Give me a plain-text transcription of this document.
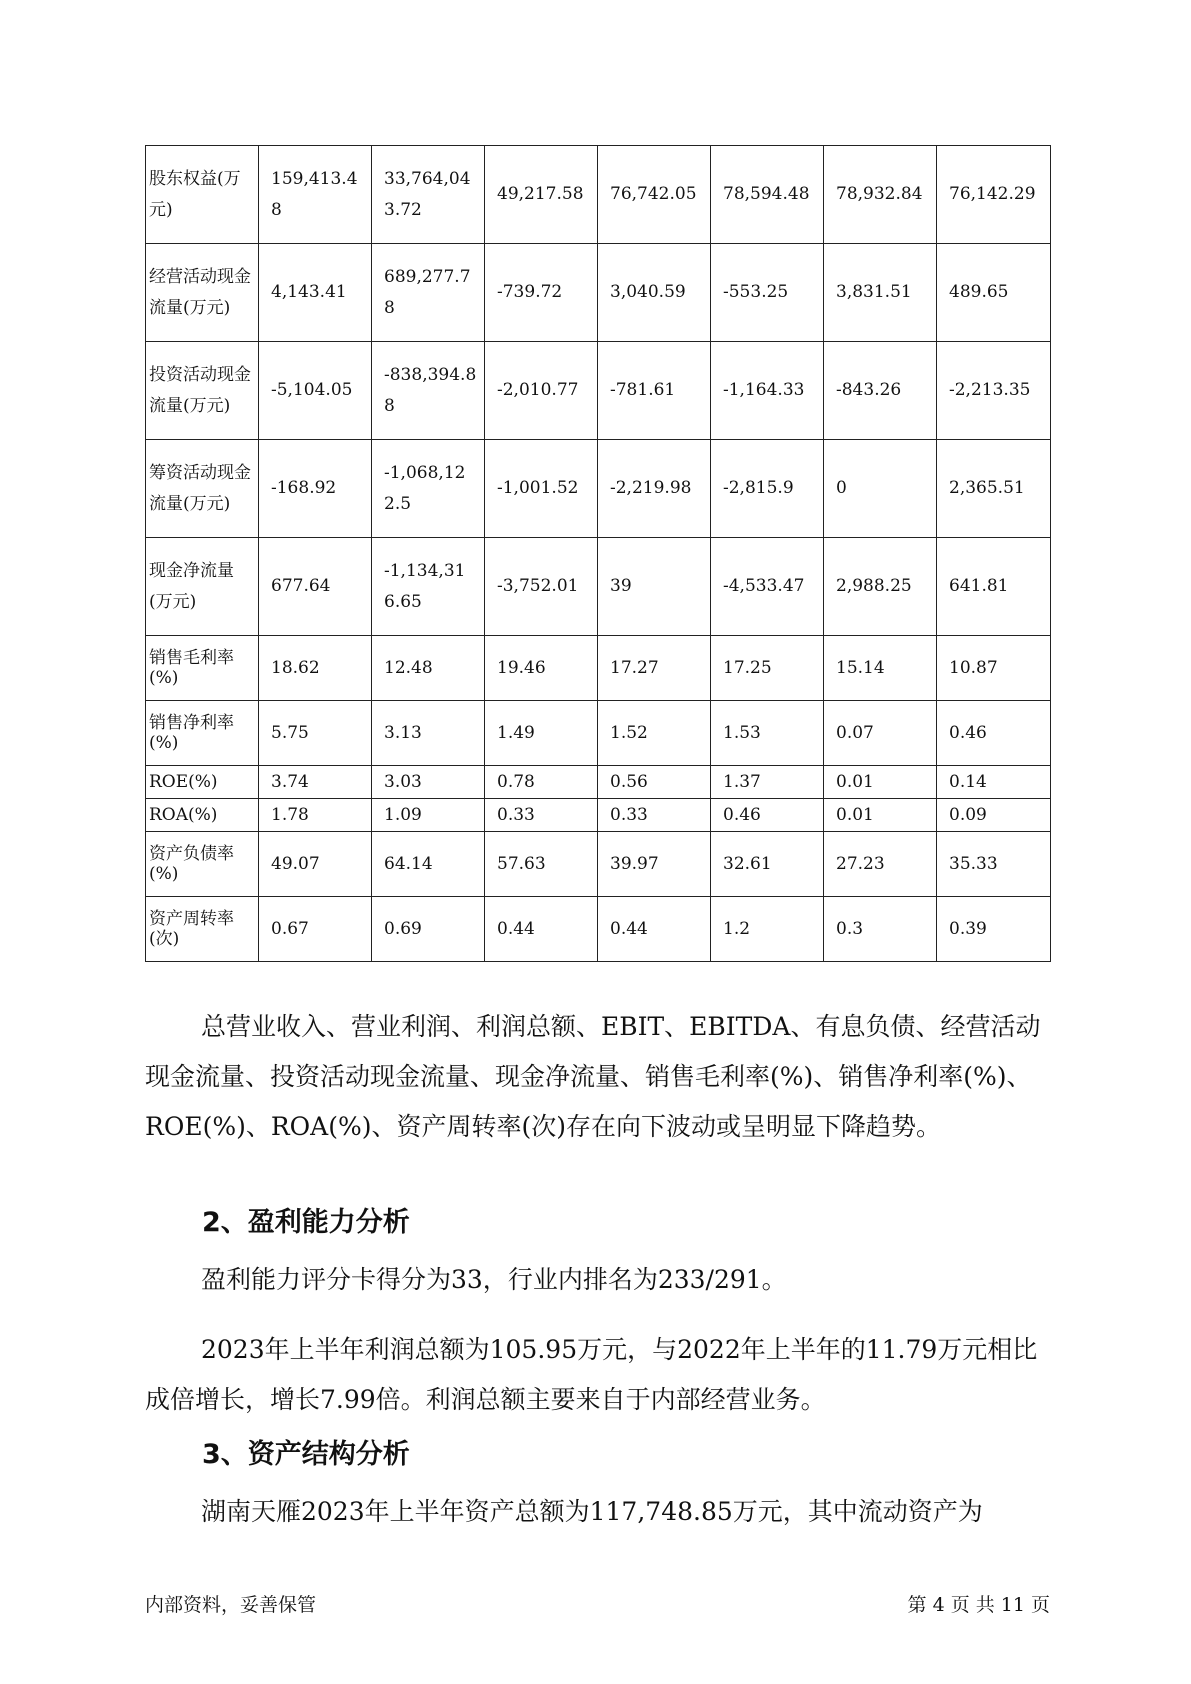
股东权益(万元)	159,413.48	33,764,043.72	49,217.58	76,742.05	78,594.48	78,932.84	76,142.29
经营活动现金流量(万元)	4,143.41	689,277.78	-739.72	3,040.59	-553.25	3,831.51	489.65
投资活动现金流量(万元)	-5,104.05	-838,394.88	-2,010.77	-781.61	-1,164.33	-843.26	-2,213.35
筹资活动现金流量(万元)	-168.92	-1,068,122.5	-1,001.52	-2,219.98	-2,815.9	0	2,365.51
现金净流量(万元)	677.64	-1,134,316.65	-3,752.01	39	-4,533.47	2,988.25	641.81
销售毛利率(%)	18.62	12.48	19.46	17.27	17.25	15.14	10.87
销售净利率(%)	5.75	3.13	1.49	1.52	1.53	0.07	0.46
ROE(%)	3.74	3.03	0.78	0.56	1.37	0.01	0.14
ROA(%)	1.78	1.09	0.33	0.33	0.46	0.01	0.09
资产负债率(%)	49.07	64.14	57.63	39.97	32.61	27.23	35.33
资产周转率(次)	0.67	0.69	0.44	0.44	1.2	0.3	0.39

总营业收入、营业利润、利润总额、EBIT、EBITDA、有息负债、经营活动现金流量、投资活动现金流量、现金净流量、销售毛利率(%)、销售净利率(%)、ROE(%)、ROA(%)、资产周转率(次)存在向下波动或呈明显下降趋势。

2、盈利能力分析

盈利能力评分卡得分为33，行业内排名为233/291。

2023年上半年利润总额为105.95万元，与2022年上半年的11.79万元相比成倍增长，增长7.99倍。利润总额主要来自于内部经营业务。

3、资产结构分析

湖南天雁2023年上半年资产总额为117,748.85万元，其中流动资产为

内部资料，妥善保管	第 4 页 共 11 页
